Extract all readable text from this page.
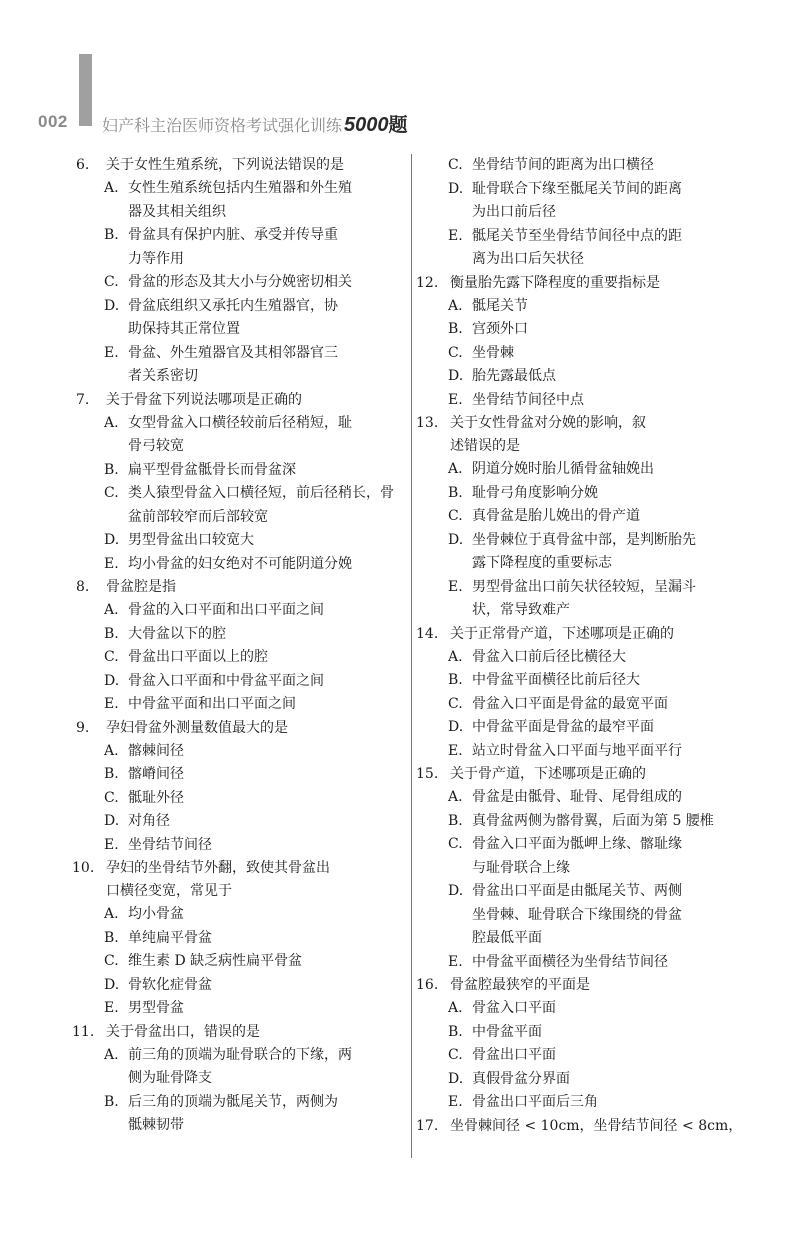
002 妇产科主治医师资格考试强化训练 5000题
6.	关于女性生殖系统，下列说法错误的是

A. 女性生殖系统包括内生殖器和外生殖
器及其相关组织
B. 骨盆具有保护内脏、承受并传导重
力等作用
C. 骨盆的形态及其大小与分娩密切相关
D. 骨盆底组织又承托内生殖器官，协
助保持其正常位置
E. 骨盆、外生殖器官及其相邻器官三
者关系密切
7.	关于骨盆下列说法哪项是正确的
A. 女型骨盆入口横径较前后径稍短，耻
骨弓较宽
B. 扁平型骨盆骶骨长而骨盆深
C. 类人猿型骨盆入口横径短，前后径稍长，骨
盆前部较窄而后部较宽
D. 男型骨盆出口较宽大
E. 均小骨盆的妇女绝对不可能阴道分娩
8.	骨盆腔是指
A. 骨盆的入口平面和出口平面之间
B. 大骨盆以下的腔
C. 骨盆出口平面以上的腔
D. 骨盆入口平面和中骨盆平面之间
E. 中骨盆平面和出口平面之间
9.	孕妇骨盆外测量数值最大的是
A. 髂棘间径
B. 髂嵴间径
C. 骶耻外径
D. 对角径
E. 坐骨结节间径
10. 孕妇的坐骨结节外翻，致使其骨盆出
口横径变宽，常见于
A. 均小骨盆
B. 单纯扁平骨盆
C. 维生素 D 缺乏病性扁平骨盆
D. 骨软化症骨盆
E. 男型骨盆
11. 关于骨盆出口，错误的是
A. 前三角的顶端为耻骨联合的下缘，两
侧为耻骨降支
B. 后三角的顶端为骶尾关节，两侧为
骶棘韧带
C. 坐骨结节间的距离为出口横径
D. 耻骨联合下缘至骶尾关节间的距离
为出口前后径
E. 骶尾关节至坐骨结节间径中点的距
离为出口后矢状径
12. 衡量胎先露下降程度的重要指标是
A. 骶尾关节
B. 宫颈外口
C. 坐骨棘
D. 胎先露最低点
E. 坐骨结节间径中点
13. 关于女性骨盆对分娩的影响，叙
述错误的是
A. 阴道分娩时胎儿循骨盆轴娩出
B. 耻骨弓角度影响分娩
C. 真骨盆是胎儿娩出的骨产道
D. 坐骨棘位于真骨盆中部，是判断胎先
露下降程度的重要标志
E. 男型骨盆出口前矢状径较短，呈漏斗
状，常导致难产
14. 关于正常骨产道，下述哪项是正确的
A. 骨盆入口前后径比横径大
B. 中骨盆平面横径比前后径大
C. 骨盆入口平面是骨盆的最宽平面
D. 中骨盆平面是骨盆的最窄平面
E. 站立时骨盆入口平面与地平面平行
15. 关于骨产道，下述哪项是正确的
A. 骨盆是由骶骨、耻骨、尾骨组成的
B. 真骨盆两侧为髂骨翼，后面为第 5 腰椎
C. 骨盆入口平面为骶岬上缘、髂耻缘
与耻骨联合上缘
D. 骨盆出口平面是由骶尾关节、两侧
坐骨棘、耻骨联合下缘围绕的骨盆
腔最低平面
E. 中骨盆平面横径为坐骨结节间径
16. 骨盆腔最狭窄的平面是
A. 骨盆入口平面
B. 中骨盆平面
C. 骨盆出口平面
D. 真假骨盆分界面
E. 骨盆出口平面后三角
17. 坐骨棘间径 < 10cm，坐骨结节间径 < 8cm，
